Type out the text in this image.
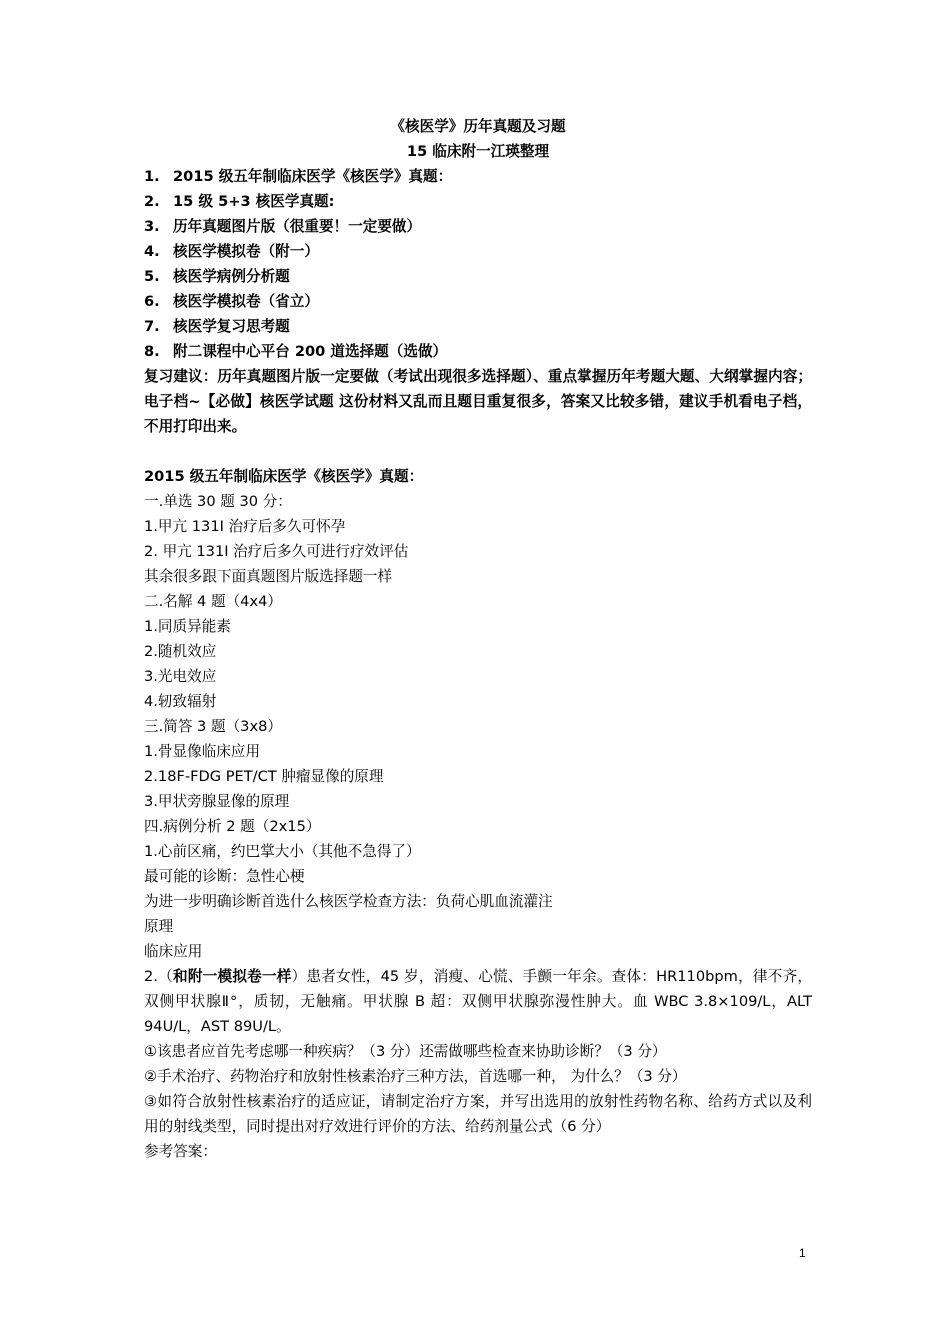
《核医学》历年真题及习题
15 临床附一江瑛整理
1. 2015 级五年制临床医学《核医学》真题：
2. 15 级 5+3 核医学真题:
3. 历年真题图片版（很重要！一定要做）
4. 核医学模拟卷（附一）
5. 核医学病例分析题
6. 核医学模拟卷（省立）
7. 核医学复习思考题
8. 附二课程中心平台 200 道选择题（选做）
复习建议：历年真题图片版一定要做（考试出现很多选择题）、重点掌握历年考题大题、大纲掌握内容；电子档~【必做】核医学试题 这份材料又乱而且题目重复很多，答案又比较多错，建议手机看电子档，不用打印出来。
2015 级五年制临床医学《核医学》真题：
一.单选 30 题 30 分：
1.甲亢 131I 治疗后多久可怀孕
2. 甲亢 131I 治疗后多久可进行疗效评估
其余很多跟下面真题图片版选择题一样
二.名解 4 题（4x4）
1.同质异能素
2.随机效应
3.光电效应
4.轫致辐射
三.简答 3 题（3x8）
1.骨显像临床应用
2.18F-FDG PET/CT 肿瘤显像的原理
3.甲状旁腺显像的原理
四.病例分析 2 题（2x15）
1.心前区痛，约巴掌大小（其他不急得了）
最可能的诊断：急性心梗
为进一步明确诊断首选什么核医学检查方法：负荷心肌血流灌注
原理
临床应用
2.（和附一模拟卷一样）患者女性，45 岁，消瘦、心慌、手颤一年余。查体：HR110bpm，律不齐，双侧甲状腺Ⅱ°，质韧，无触痛。甲状腺 B 超：双侧甲状腺弥漫性肿大。血 WBC 3.8×109/L，ALT 94U/L，AST 89U/L。
①该患者应首先考虑哪一种疾病？（3 分）还需做哪些检查来协助诊断？（3 分）
②手术治疗、药物治疗和放射性核素治疗三种方法，首选哪一种， 为什么？（3 分）
③如符合放射性核素治疗的适应证，请制定治疗方案，并写出选用的放射性药物名称、给药方式以及利用的射线类型，同时提出对疗效进行评价的方法、给药剂量公式（6 分）
参考答案：
1
